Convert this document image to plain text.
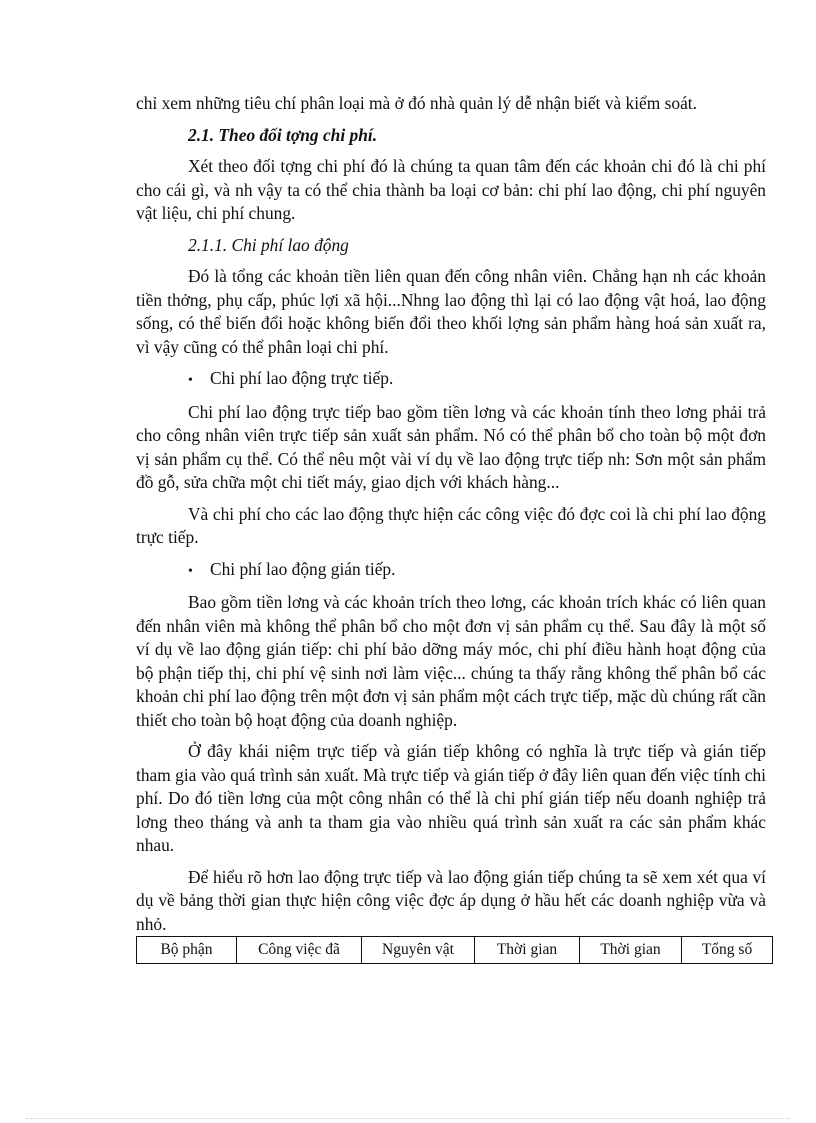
chỉ xem những tiêu chí phân loại mà ở đó nhà quản lý dễ nhận biết và kiểm soát.

2.1. Theo đối tợng chi phí.

Xét theo đối tợng chi phí đó là chúng ta quan tâm đến các khoản chi đó là chi phí cho cái gì, và nh vậy ta có thể chia thành ba loại cơ bản: chi phí lao động, chi phí nguyên vật liệu, chi phí chung.

2.1.1. Chi phí lao động

Đó là tổng các khoản tiền liên quan đến công nhân viên. Chẳng hạn nh các khoản tiền thởng, phụ cấp, phúc lợi xã hội...Nhng lao động thì lại có lao động vật hoá, lao động sống, có thể biến đổi hoặc không biến đổi theo khối lợng sản phẩm hàng hoá sản xuất ra, vì vậy cũng có thể phân loại chi phí.

• Chi phí lao động trực tiếp.

Chi phí lao động trực tiếp bao gồm tiền lơng và các khoản tính theo lơng phải trả cho công nhân viên trực tiếp sản xuất sản phẩm. Nó có thể phân bổ cho toàn bộ một đơn vị sản phẩm cụ thể. Có thể nêu một vài ví dụ về lao động trực tiếp nh: Sơn một sản phẩm đồ gỗ, sửa chữa một chi tiết máy, giao dịch với khách hàng...

Và chi phí cho các lao động thực hiện các công việc đó đợc coi là chi phí lao động trực tiếp.

• Chi phí lao động gián tiếp.

Bao gồm tiền lơng và các khoản trích theo lơng, các khoản trích khác có liên quan đến nhân viên mà không thể phân bổ cho một đơn vị sản phẩm cụ thể. Sau đây là một số ví dụ về lao động gián tiếp: chi phí bảo dỡng máy móc, chi phí điều hành hoạt động của bộ phận tiếp thị, chi phí vệ sinh nơi làm việc... chúng ta thấy rằng không thể phân bổ các khoản chi phí lao động trên một đơn vị sản phẩm một cách trực tiếp, mặc dù chúng rất cần thiết cho toàn bộ hoạt động của doanh nghiệp.

Ở đây khái niệm trực tiếp và gián tiếp không có nghĩa là trực tiếp và gián tiếp tham gia vào quá trình sản xuất. Mà trực tiếp và gián tiếp ở đây liên quan đến việc tính chi phí. Do đó tiền lơng của một công nhân có thể là chi phí gián tiếp nếu doanh nghiệp trả lơng theo tháng và anh ta tham gia vào nhiều quá trình sản xuất ra các sản phẩm khác nhau.

Để hiểu rõ hơn lao động trực tiếp và lao động gián tiếp chúng ta sẽ xem xét qua ví dụ về bảng thời gian thực hiện công việc đợc áp dụng ở hầu hết các doanh nghiệp vừa và nhỏ.

Bộ phận	Công việc đã	Nguyên vật	Thời gian	Thời gian	Tổng số
